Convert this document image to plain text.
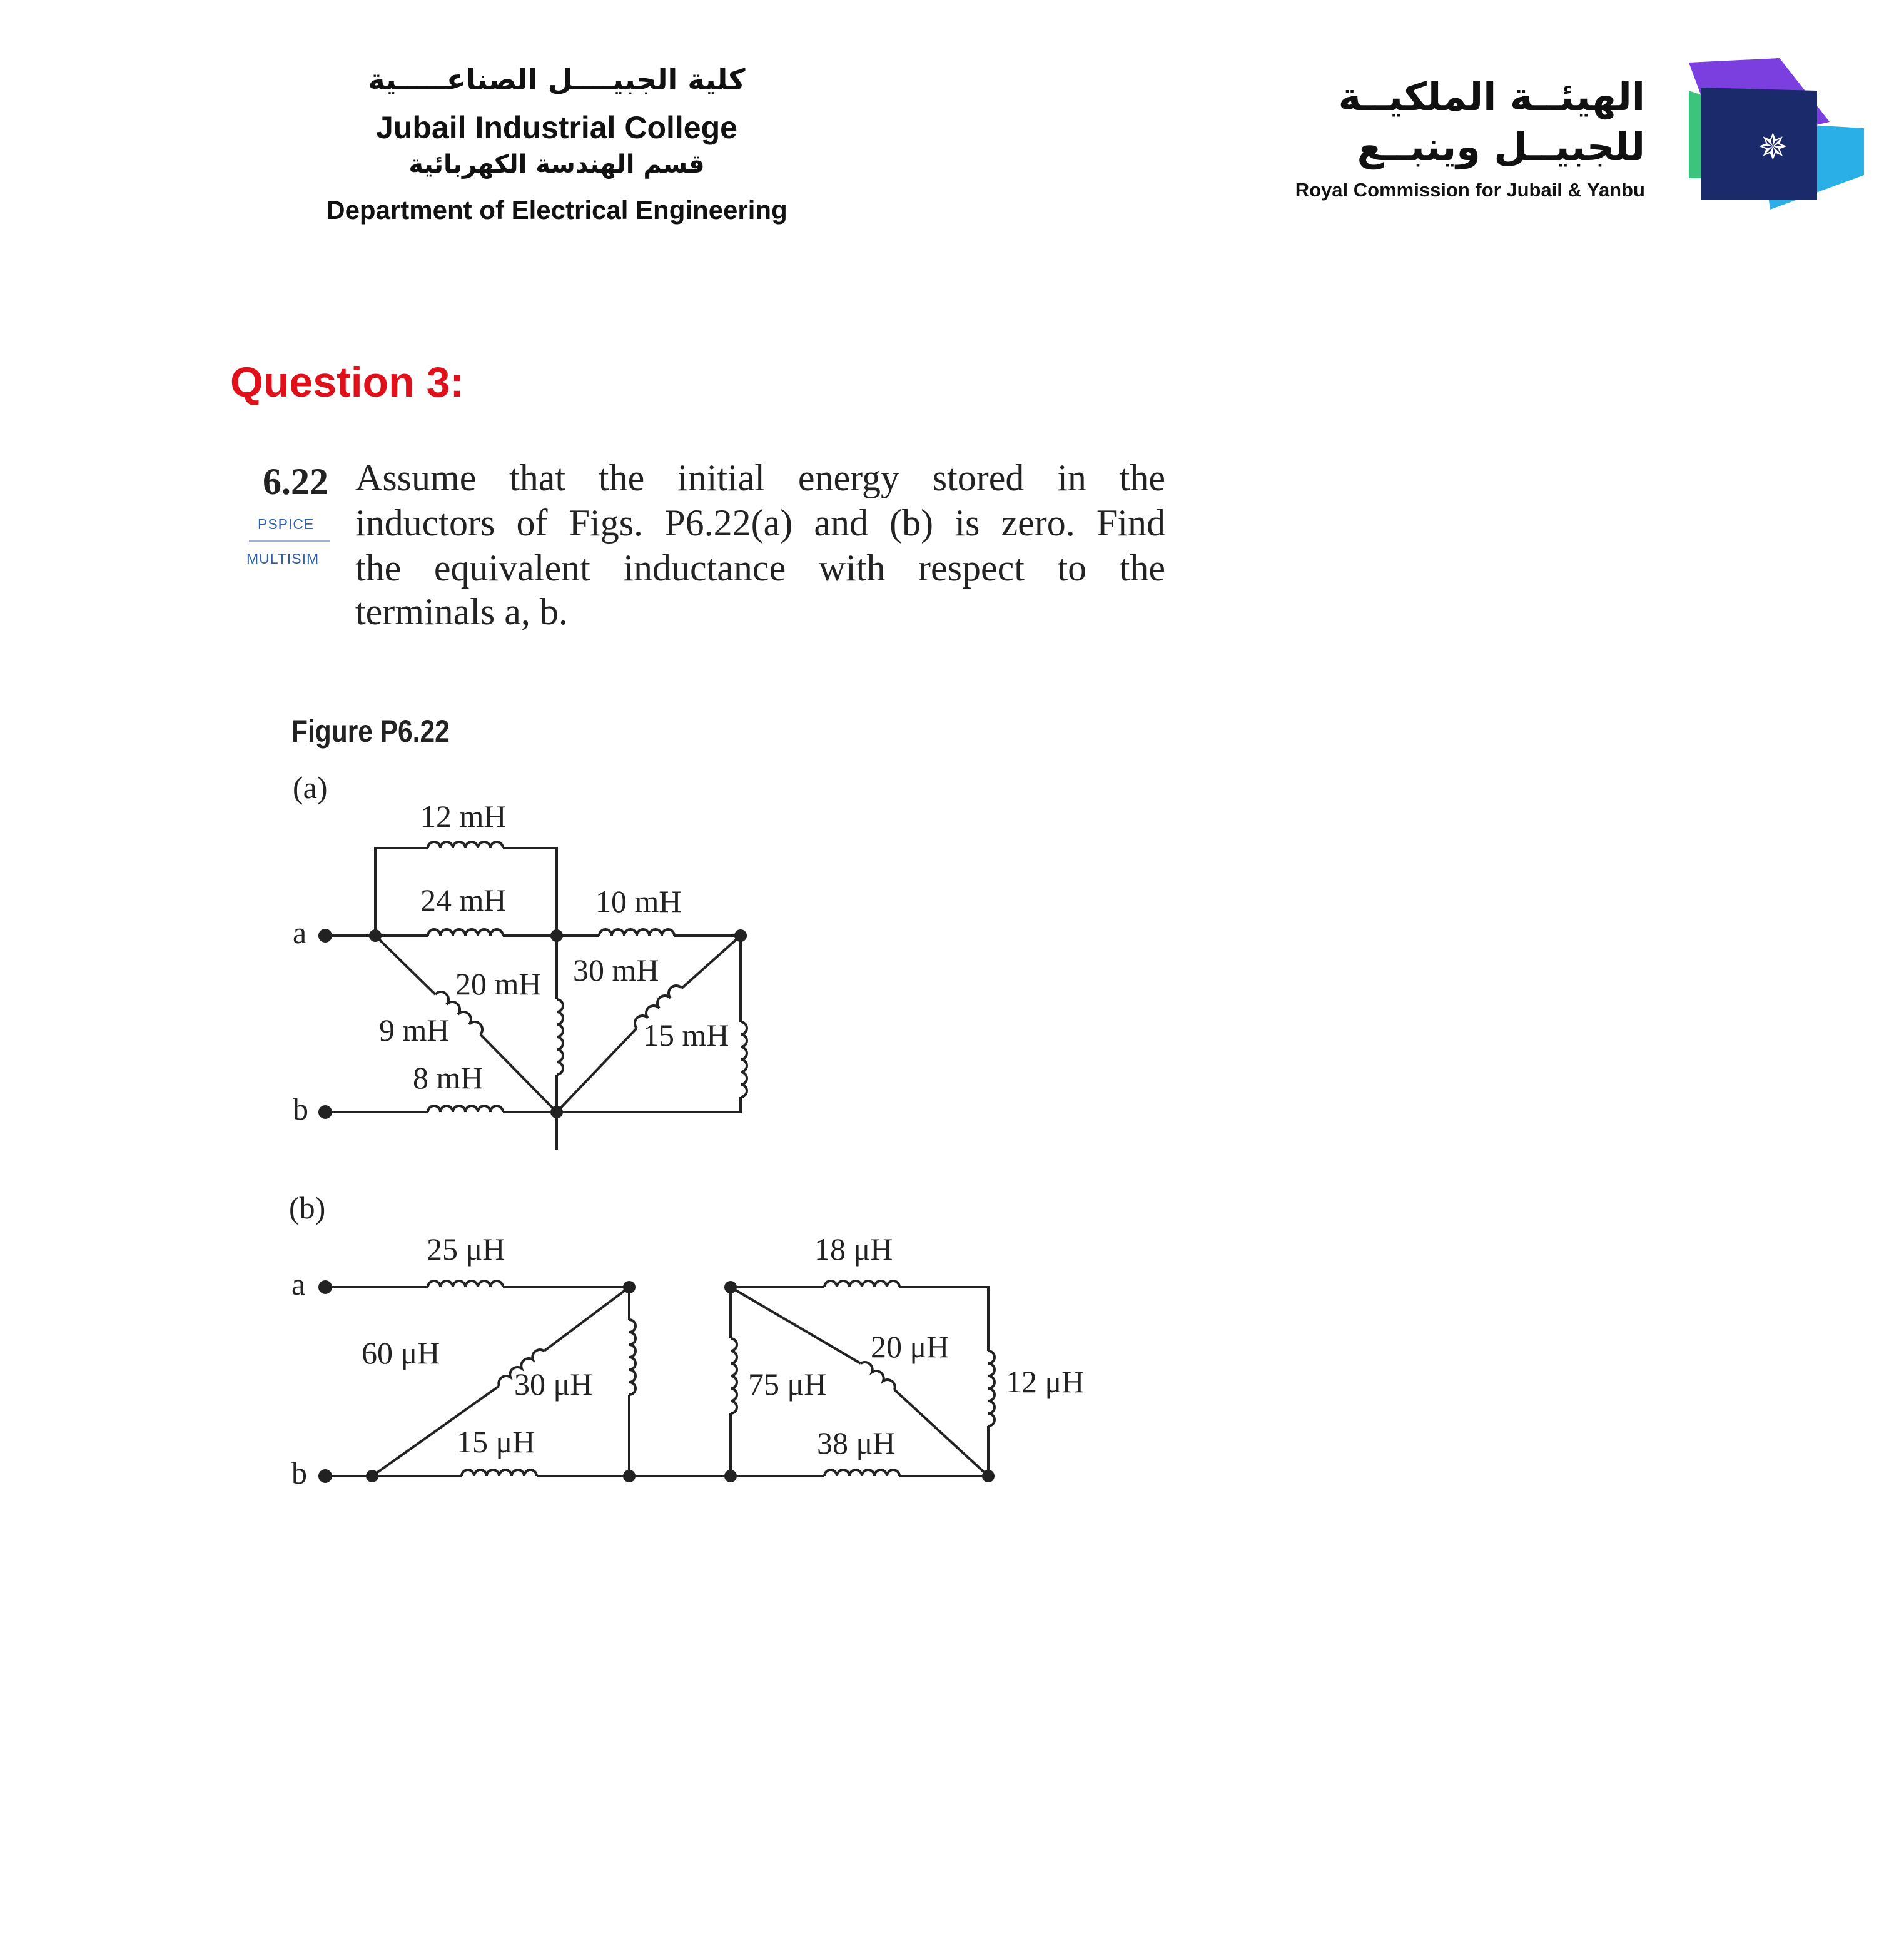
كلية الجبيــــل الصناعـــــية
Jubail Industrial College
قسم الهندسة الكهربائية
Department of Electrical Engineering
الهيئــة الملكيــة
للجبيــل وينبــع
Royal Commission for Jubail & Yanbu
✵
Question 3:
6.22
PSPICE
MULTISIM
Assume that the initial energy stored in the
inductors of Figs. P6.22(a) and (b) is zero. Find
the equivalent inductance with respect to the
terminals a, b.
Figure P6.22
(a)
a
b
12 mH
24 mH	10 mH
20 mH 30 mH
9 mH	15 mH
8 mH
(b)
a
b
25 μH	18 μH
60 μH	20 μH
30 μH	75 μH	12 μH
15 μH	38 μH
